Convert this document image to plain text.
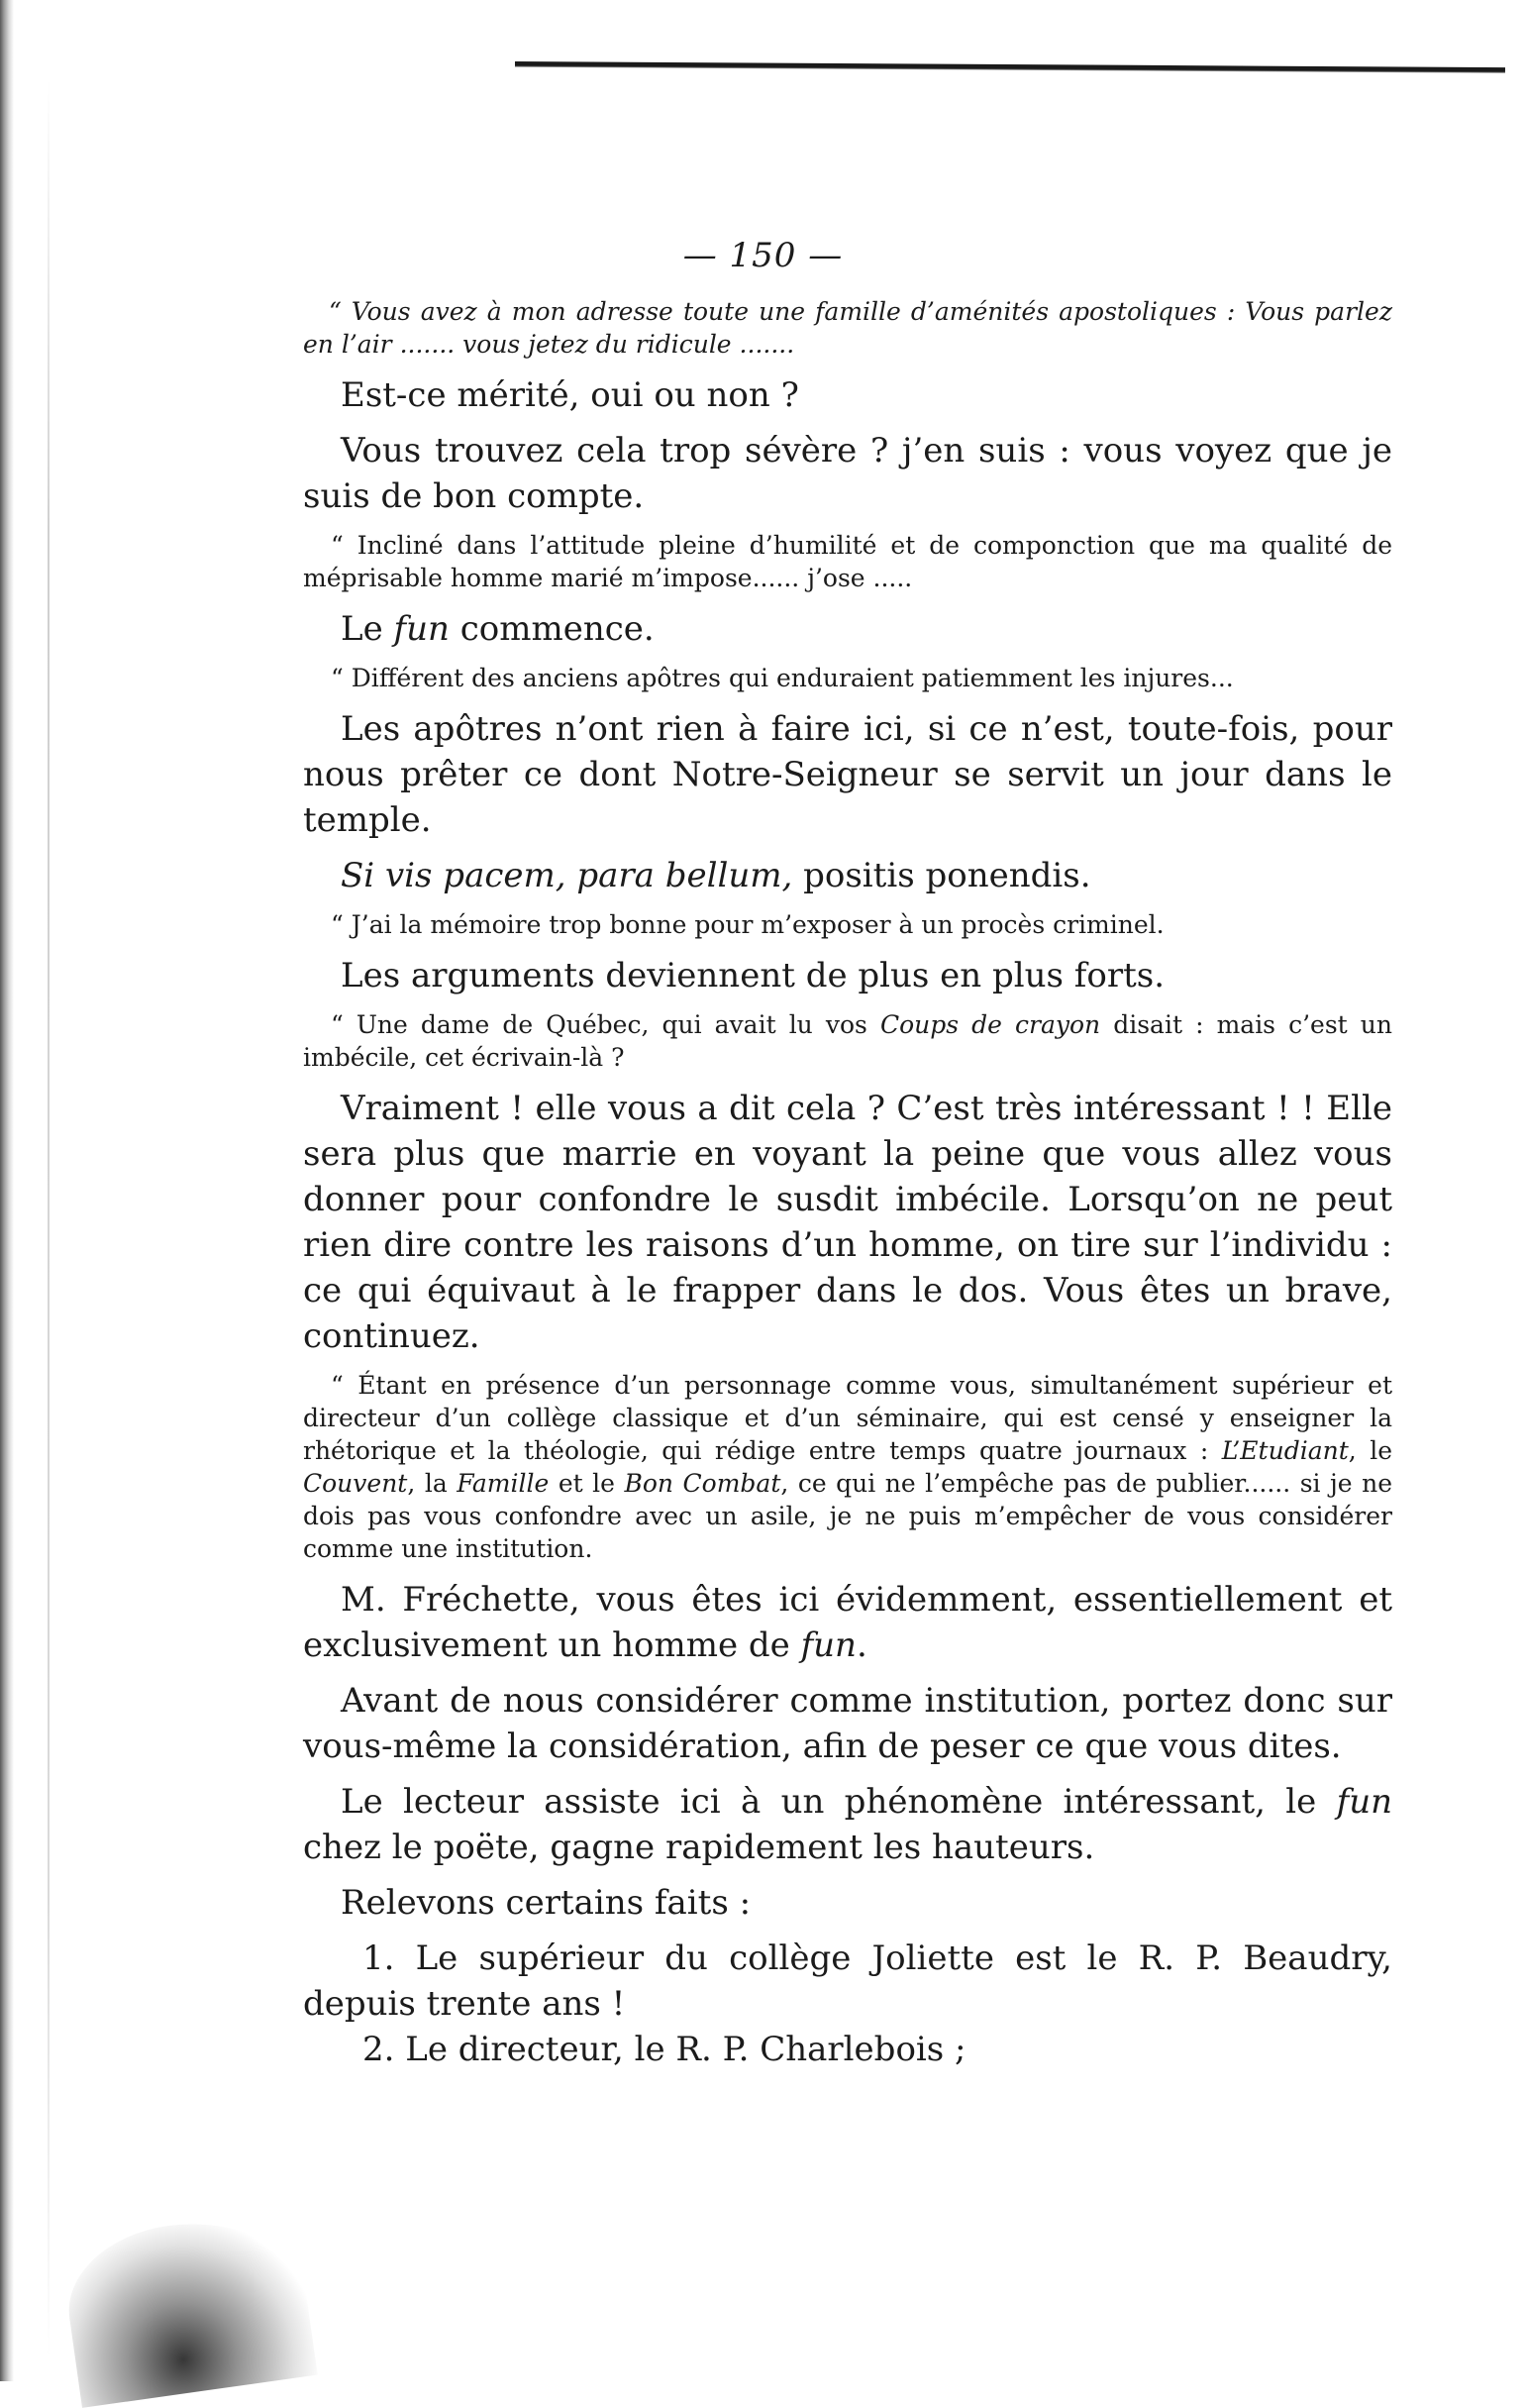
— 150 —

“ Vous avez à mon adresse toute une famille d’aménités apostoliques : Vous parlez en l’air ....... vous jetez du ridicule .......

Est-ce mérité, oui ou non ?

Vous trouvez cela trop sévère ? j’en suis : vous voyez que je suis de bon compte.

“ Incliné dans l’attitude pleine d’humilité et de componction que ma qualité de méprisable homme marié m’impose...... j’ose .....

Le fun commence.

“ Différent des anciens apôtres qui enduraient patiemment les injures...

Les apôtres n’ont rien à faire ici, si ce n’est, toute-fois, pour nous prêter ce dont Notre-Seigneur se servit un jour dans le temple.

Si vis pacem, para bellum, positis ponendis.

“ J’ai la mémoire trop bonne pour m’exposer à un procès criminel.

Les arguments deviennent de plus en plus forts.

“ Une dame de Québec, qui avait lu vos Coups de crayon disait : mais c’est un imbécile, cet écrivain-là ?

Vraiment ! elle vous a dit cela ? C’est très intéressant ! ! Elle sera plus que marrie en voyant la peine que vous allez vous donner pour confondre le susdit imbécile. Lorsqu’on ne peut rien dire contre les raisons d’un homme, on tire sur l’individu : ce qui équivaut à le frapper dans le dos. Vous êtes un brave, continuez.

“ Étant en présence d’un personnage comme vous, simultanément supérieur et directeur d’un collège classique et d’un séminaire, qui est censé y enseigner la rhétorique et la théologie, qui rédige entre temps quatre journaux : L’Etudiant, le Couvent, la Famille et le Bon Combat, ce qui ne l’empêche pas de publier...... si je ne dois pas vous confondre avec un asile, je ne puis m’empêcher de vous considérer comme une institution.

M. Fréchette, vous êtes ici évidemment, essentiellement et exclusivement un homme de fun.

Avant de nous considérer comme institution, portez donc sur vous-même la considération, afin de peser ce que vous dites.

Le lecteur assiste ici à un phénomène intéressant, le fun chez le poëte, gagne rapidement les hauteurs.

Relevons certains faits :

1. Le supérieur du collège Joliette est le R. P. Beaudry, depuis trente ans !

2. Le directeur, le R. P. Charlebois ;
